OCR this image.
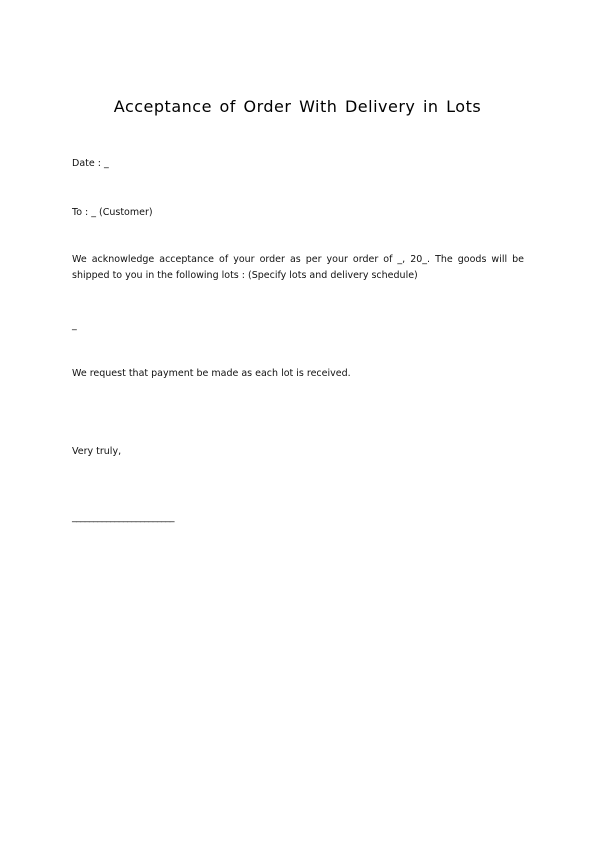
Acceptance of Order With Delivery in Lots
Date : _
To : _ (Customer)
We acknowledge acceptance of your order as per your order of _, 20_. The goods will be shipped to you in the following lots : (Specify lots and delivery schedule)
_
We request that payment be made as each lot is received.
Very truly,
________________________
